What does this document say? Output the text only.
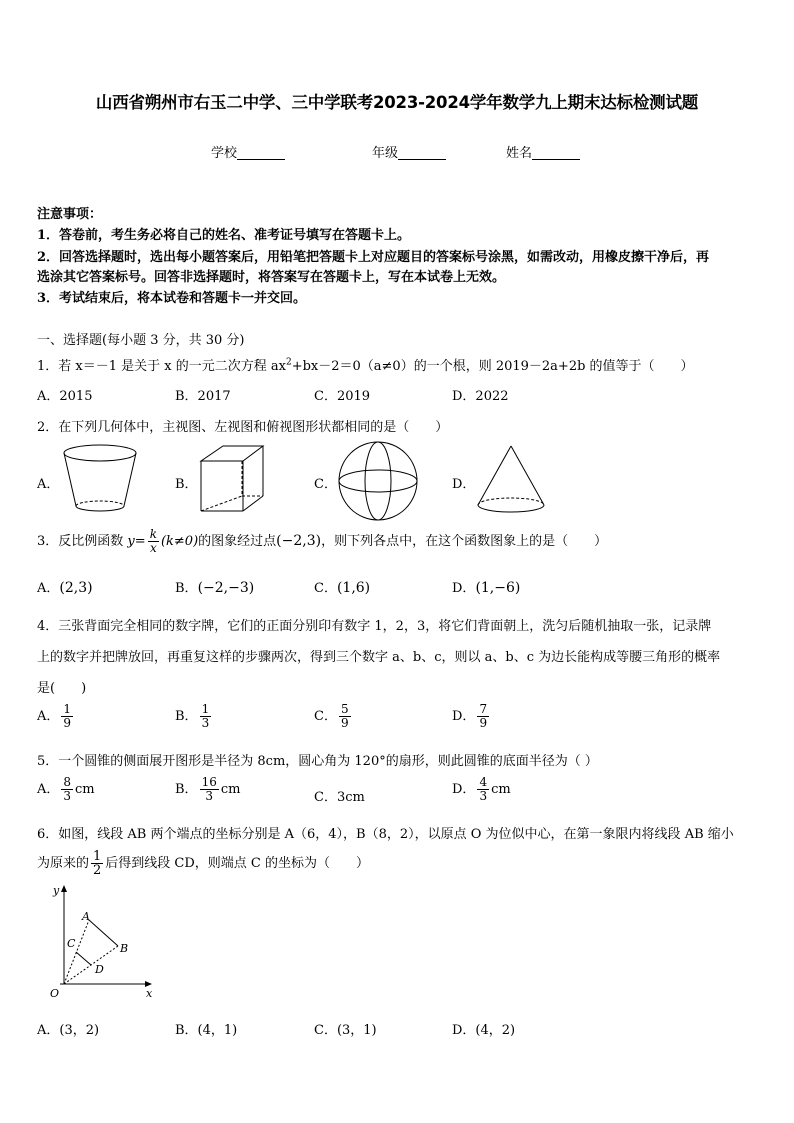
山西省朔州市右玉二中学、三中学联考2023-2024学年数学九上期末达标检测试题
学校	年级	姓名
注意事项：
1．答卷前，考生务必将自己的姓名、准考证号填写在答题卡上。
2．回答选择题时，选出每小题答案后，用铅笔把答题卡上对应题目的答案标号涂黑，如需改动，用橡皮擦干净后，再
选涂其它答案标号。回答非选择题时，将答案写在答题卡上，写在本试卷上无效。
3．考试结束后，将本试卷和答题卡一并交回。
一、选择题(每小题 3 分，共 30 分)
1．若 x＝－1 是关于 x 的一元二次方程 $ax^2+bx-2=0(a\ne 0)$的一个根，则 2019－2a+2b 的值等于（　　）
A．2015	B．2017	C．2019	D．2022
2．在下列几何体中，主视图、左视图和俯视图形状都相同的是（　　）
A．	B．	C．	D．
3．反比例函数 $y= \frac{k}{x} (k\ne 0)$的图象经过点(−2,3)，则下列各点中，在这个函数图象上的是（　　）
A．(2,3)	B．(−2,−3)	C．(1,6)	D．(1,−6)
4．三张背面完全相同的数字牌，它们的正面分别印有数字 1，2，3，将它们背面朝上，洗匀后随机抽取一张，记录牌
上的数字并把牌放回，再重复这样的步骤两次，得到三个数字 a、b、c，则以 a、b、c 为边长能构成等腰三角形的概率
是(　　)
A． $\frac{1}{9}$	B． $\frac{1}{3}$	C． $\frac{5}{9}$	D． $\frac{7}{9}$
5．一个圆锥的侧面展开图形是半径为 8cm，圆心角为 120°的扇形，则此圆锥的底面半径为（ ）
A． $\frac{8}{3}$ cm	B． $\frac{16}{3}$ cm
C．3cm
D． $\frac{4}{3}$ cm
6．如图，线段 AB 两个端点的坐标分别是 A（6，4），B（8，2），以原点 O 为位似中心，在第一象限内将线段 AB 缩小
为原来的 $\frac{1}{2}$ 后得到线段 CD，则端点 C 的坐标为（　　）
A
B
C
D
O	x
y
A．(3，2)	B．(4，1)	C．(3，1)	D．(4，2)
